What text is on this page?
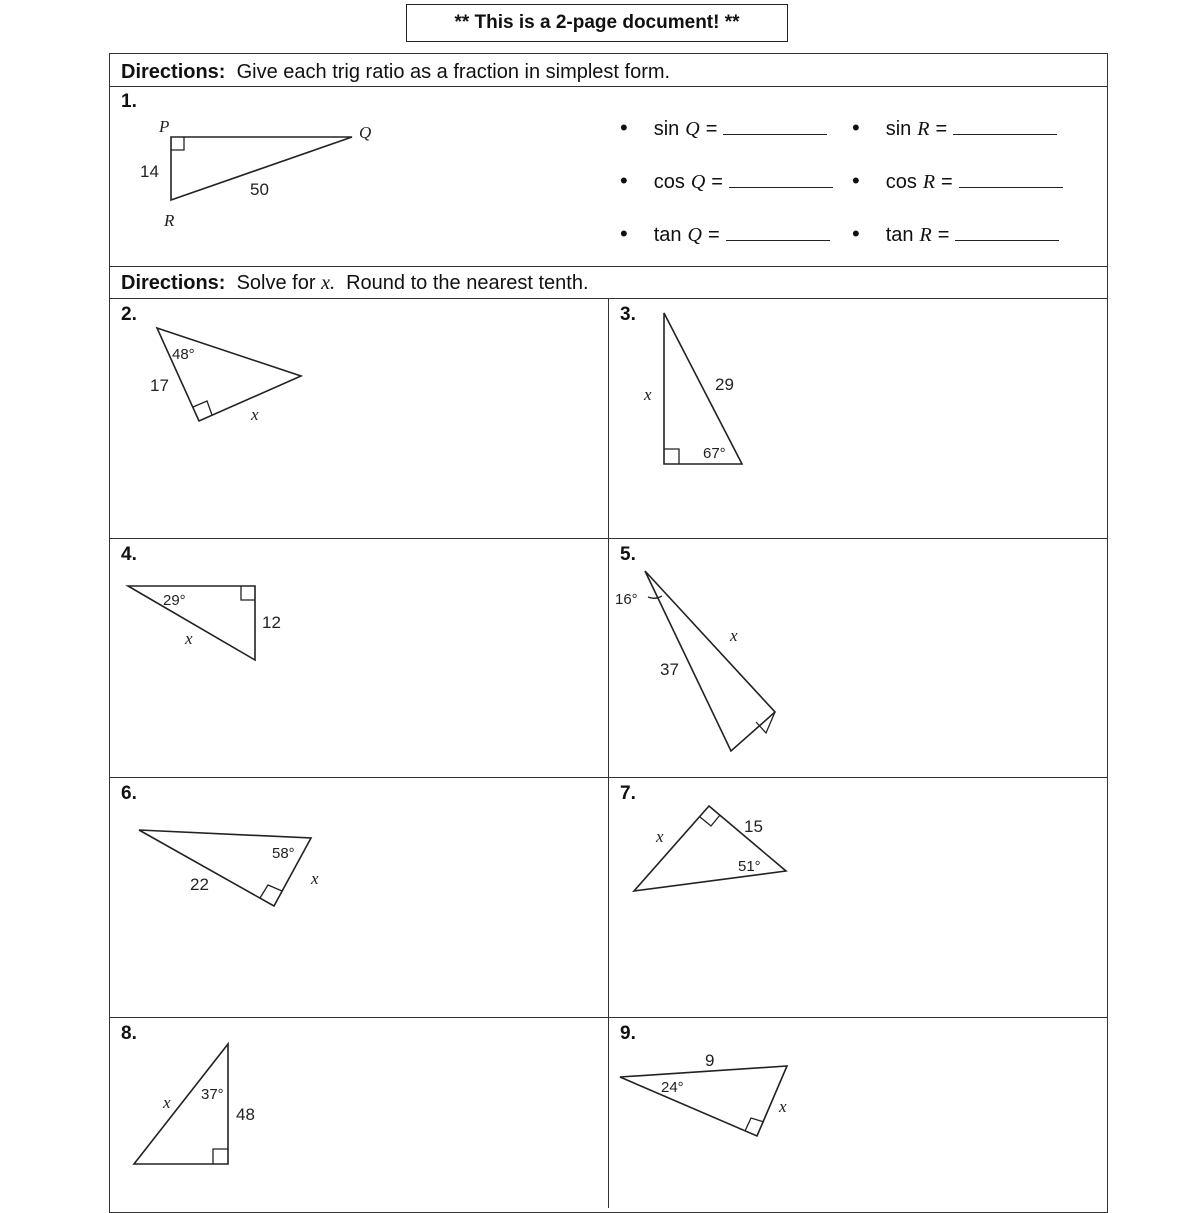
** This is a 2-page document! **
Directions: Give each trig ratio as a fraction in simplest form.
1.
• sin Q =	• sin R =
• cos Q =	• cos R =
• tan Q =	• tan R =
Directions: Solve for x. Round to the nearest tenth.
2.	3.
4.	5.
6.	7.
8.	9.
P	Q
R
14
50
48°
17
x
67°
29
x
29°
12
x
16°
37
x
58°
22	x
51°
15
x
37°
48
x
24°
9
x
